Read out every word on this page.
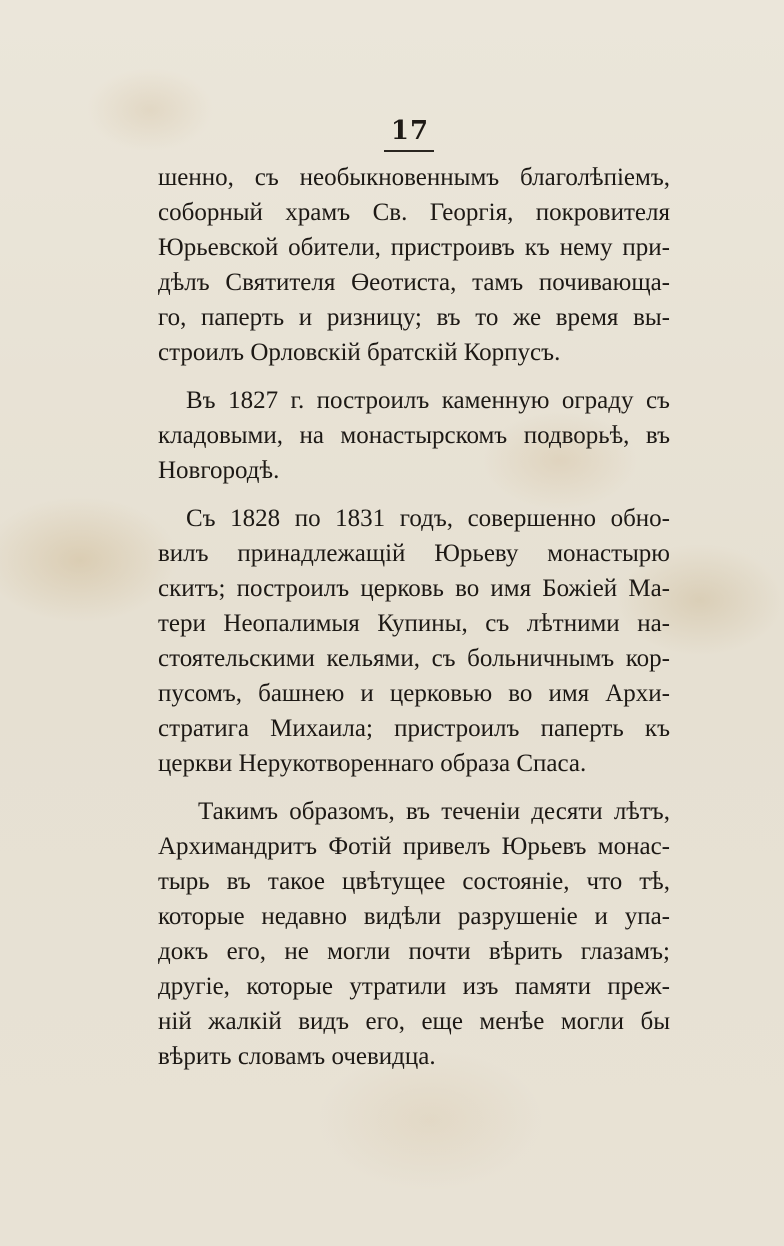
17
шенно, съ необыкновеннымъ благолѣпіемъ,
соборный храмъ Св. Георгія, покровителя
Юрьевской обители, пристроивъ къ нему при-
дѣлъ Святителя Өеотиста, тамъ почивающа-
го, паперть и ризницу; въ то же время вы-
строилъ Орловскій братскій Корпусъ.
Въ 1827 г. построилъ каменную ограду съ
кладовыми, на монастырскомъ подворьѣ, въ
Новгородѣ.
Съ 1828 по 1831 годъ, совершенно обно-
вилъ принадлежащій Юрьеву монастырю
скитъ; построилъ церковь во имя Божіей Ма-
тери Неопалимыя Купины, съ лѣтними на-
стоятельскими кельями, съ больничнымъ кор-
пусомъ, башнею и церковью во имя Архи-
стратига Михаила; пристроилъ паперть къ
церкви Нерукотвореннаго образа Спаса.
Такимъ образомъ, въ теченіи десяти лѣтъ,
Архимандритъ Фотій привелъ Юрьевъ монас-
тырь въ такое цвѣтущее состояніе, что тѣ,
которые недавно видѣли разрушеніе и упа-
докъ его, не могли почти вѣрить глазамъ;
другіе, которые утратили изъ памяти преж-
ній жалкій видъ его, еще менѣе могли бы
вѣрить словамъ очевидца.
